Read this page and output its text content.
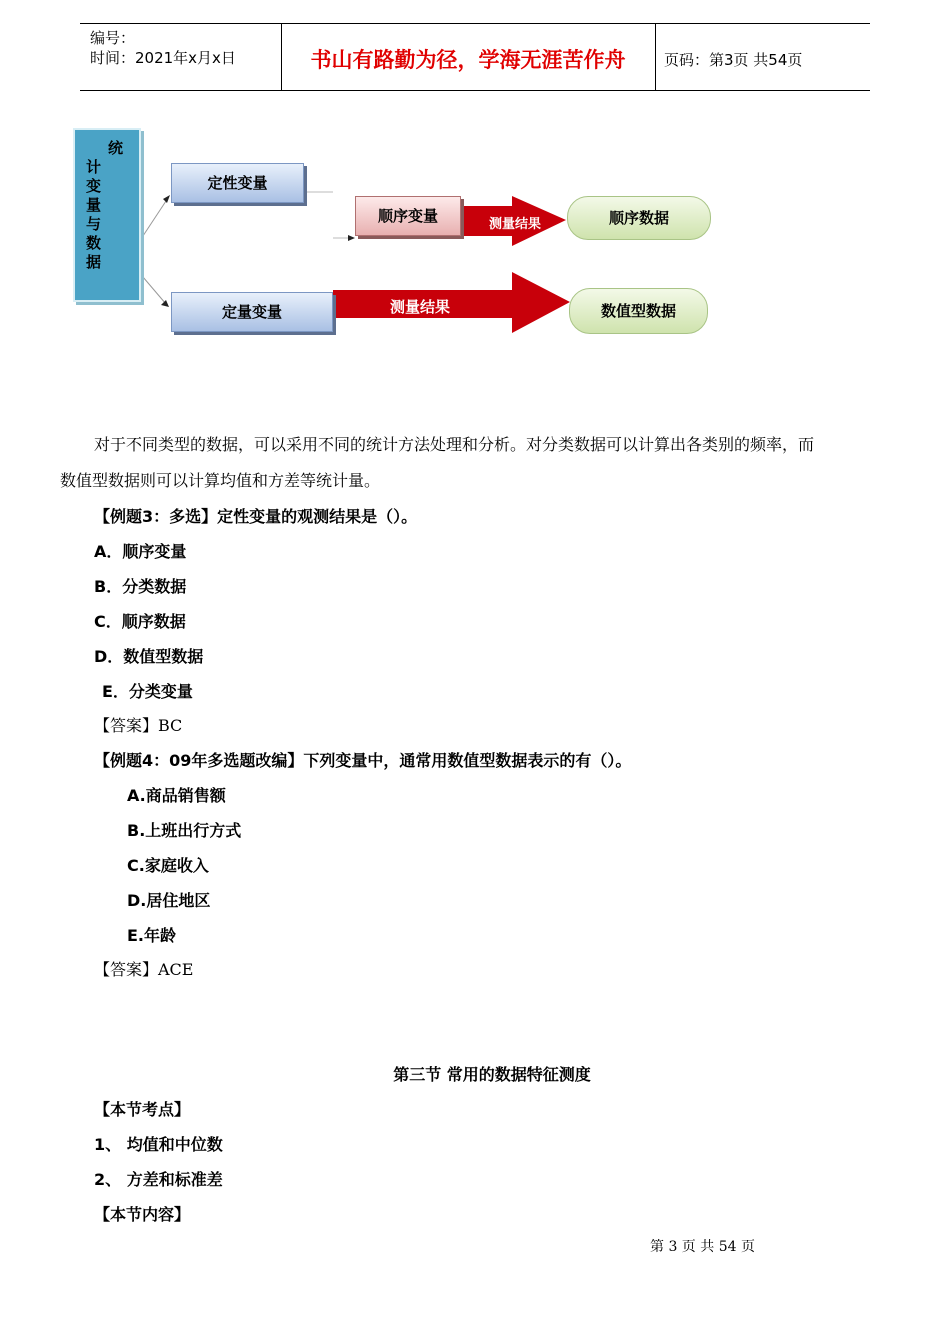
编号：
时间：2021年x月x日	书山有路勤为径，学海无涯苦作舟	页码：第3页 共54页
统
计变量与数据
定性变量
顺序变量	测量结果	顺序数据
定量变量	测量结果	数值型数据
对于不同类型的数据，可以采用不同的统计方法处理和分析。对分类数据可以计算出各类别的频率，而
数值型数据则可以计算均值和方差等统计量。
【例题3：多选】定性变量的观测结果是（）。
A．顺序变量
B．分类数据
C．顺序数据
D．数值型数据
E．分类变量
【答案】BC
【例题4：09年多选题改编】下列变量中，通常用数值型数据表示的有（）。
A.商品销售额
B.上班出行方式
C.家庭收入
D.居住地区
E.年龄
【答案】ACE
第三节 常用的数据特征测度
【本节考点】
1、 均值和中位数
2、 方差和标准差
【本节内容】
第 3 页 共 54 页
